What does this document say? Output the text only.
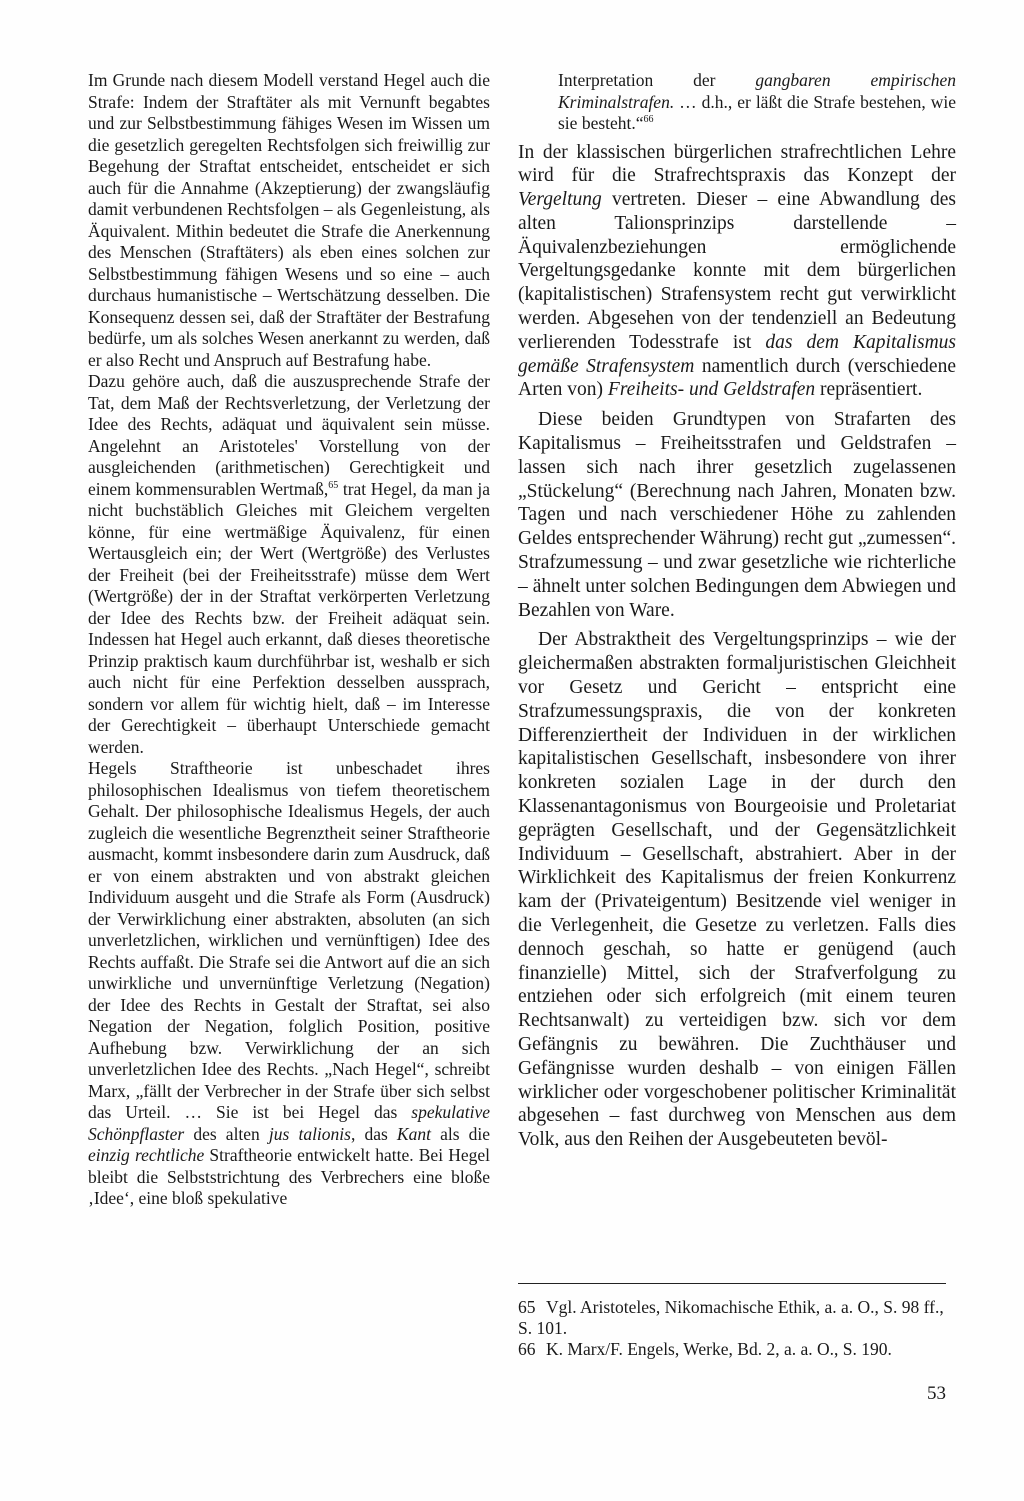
Im Grunde nach diesem Modell verstand Hegel auch die Strafe: Indem der Straftäter als mit Vernunft begabtes und zur Selbstbestimmung fähiges Wesen im Wissen um die gesetzlich geregelten Rechtsfolgen sich freiwillig zur Begehung der Straftat entscheidet, entscheidet er sich auch für die Annahme (Akzeptierung) der zwangsläufig damit verbundenen Rechtsfolgen – als Gegenleistung, als Äquivalent. Mithin bedeutet die Strafe die Anerkennung des Menschen (Straftäters) als eben eines solchen zur Selbstbestimmung fähigen Wesens und so eine – auch durchaus humanistische – Wertschätzung desselben. Die Konsequenz dessen sei, daß der Straftäter der Bestrafung bedürfe, um als solches Wesen anerkannt zu werden, daß er also Recht und Anspruch auf Bestrafung habe.

Dazu gehöre auch, daß die auszusprechende Strafe der Tat, dem Maß der Rechtsverletzung, der Verletzung der Idee des Rechts, adäquat und äquivalent sein müsse. Angelehnt an Aristoteles' Vorstellung von der ausgleichenden (arithmetischen) Gerechtigkeit und einem kommensurablen Wertmaß,$^{65}$ trat Hegel, da man ja nicht buchstäblich Gleiches mit Gleichem vergelten könne, für eine wertmäßige Äquivalenz, für einen Wertausgleich ein; der Wert (Wertgröße) des Verlustes der Freiheit (bei der Freiheitsstrafe) müsse dem Wert (Wertgröße) der in der Straftat verkörperten Verletzung der Idee des Rechts bzw. der Freiheit adäquat sein. Indessen hat Hegel auch erkannt, daß dieses theoretische Prinzip praktisch kaum durchführbar ist, weshalb er sich auch nicht für eine Perfektion desselben aussprach, sondern vor allem für wichtig hielt, daß – im Interesse der Gerechtigkeit – überhaupt Unterschiede gemacht werden.

Hegels Straftheorie ist unbeschadet ihres philosophischen Idealismus von tiefem theoretischem Gehalt. Der philosophische Idealismus Hegels, der auch zugleich die wesentliche Begrenztheit seiner Straftheorie ausmacht, kommt insbesondere darin zum Ausdruck, daß er von einem abstrakten und von abstrakt gleichen Individuum ausgeht und die Strafe als Form (Ausdruck) der Verwirklichung einer abstrakten, absoluten (an sich unverletzlichen, wirklichen und vernünftigen) Idee des Rechts auffaßt. Die Strafe sei die Antwort auf die an sich unwirkliche und unvernünftige Verletzung (Negation) der Idee des Rechts in Gestalt der Straftat, sei also Negation der Negation, folglich Position, positive Aufhebung bzw. Verwirklichung der an sich unverletzlichen Idee des Rechts. „Nach Hegel“, schreibt Marx, „fällt der Verbrecher in der Strafe über sich selbst das Urteil. … Sie ist bei Hegel das spekulative Schönpflaster des alten jus talionis, das Kant als die einzig rechtliche Straftheorie entwickelt hatte. Bei Hegel bleibt die Selbststrichtung des Verbrechers eine bloße ‚Idee‘, eine bloß spekulative

Interpretation der gangbaren empirischen Kriminalstrafen. … d.h., er läßt die Strafe bestehen, wie sie besteht.“$^{66}$

In der klassischen bürgerlichen strafrechtlichen Lehre wird für die Strafrechtspraxis das Konzept der Vergeltung vertreten. Dieser – eine Abwandlung des alten Talionsprinzips darstellende – Äquivalenzbeziehungen ermöglichende Vergeltungsgedanke konnte mit dem bürgerlichen (kapitalistischen) Strafensystem recht gut verwirklicht werden. Abgesehen von der tendenziell an Bedeutung verlierenden Todesstrafe ist das dem Kapitalismus gemäße Strafensystem namentlich durch (verschiedene Arten von) Freiheits- und Geldstrafen repräsentiert.

Diese beiden Grundtypen von Strafarten des Kapitalismus – Freiheitsstrafen und Geldstrafen – lassen sich nach ihrer gesetzlich zugelassenen „Stückelung“ (Berechnung nach Jahren, Monaten bzw. Tagen und nach verschiedener Höhe zu zahlenden Geldes entsprechender Währung) recht gut „zumessen“. Strafzumessung – und zwar gesetzliche wie richterliche – ähnelt unter solchen Bedingungen dem Abwiegen und Bezahlen von Ware.

Der Abstraktheit des Vergeltungsprinzips – wie der gleichermaßen abstrakten formaljuristischen Gleichheit vor Gesetz und Gericht – entspricht eine Strafzumessungspraxis, die von der konkreten Differenziertheit der Individuen in der wirklichen kapitalistischen Gesellschaft, insbesondere von ihrer konkreten sozialen Lage in der durch den Klassenantagonismus von Bourgeoisie und Proletariat geprägten Gesellschaft, und der Gegensätzlichkeit Individuum – Gesellschaft, abstrahiert. Aber in der Wirklichkeit des Kapitalismus der freien Konkurrenz kam der (Privateigentum) Besitzende viel weniger in die Verlegenheit, die Gesetze zu verletzen. Falls dies dennoch geschah, so hatte er genügend (auch finanzielle) Mittel, sich der Strafverfolgung zu entziehen oder sich erfolgreich (mit einem teuren Rechtsanwalt) zu verteidigen bzw. sich vor dem Gefängnis zu bewähren. Die Zuchthäuser und Gefängnisse wurden deshalb – von einigen Fällen wirklicher oder vorgeschobener politischer Kriminalität abgesehen – fast durchweg von Menschen aus dem Volk, aus den Reihen der Ausgebeuteten bevöl-

65 Vgl. Aristoteles, Nikomachische Ethik, a. a. O., S. 98 ff., S. 101.
66 K. Marx/F. Engels, Werke, Bd. 2, a. a. O., S. 190.
53
